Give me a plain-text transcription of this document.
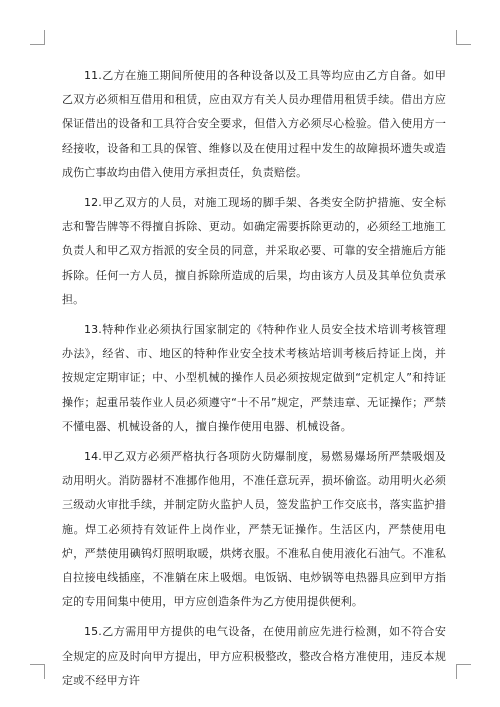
11.乙方在施工期间所使用的各种设备以及工具等均应由乙方自备。如甲乙双方必须相互借用和租赁，应由双方有关人员办理借用租赁手续。借出方应保证借出的设备和工具符合安全要求，但借入方必须尽心检验。借入使用方一经接收，设备和工具的保管、维修以及在使用过程中发生的故障损坏遗失或造成伤亡事故均由借入使用方承担责任，负责赔偿。

12.甲乙双方的人员，对施工现场的脚手架、各类安全防护措施、安全标志和警告牌等不得擅自拆除、更动。如确定需要拆除更动的，必须经工地施工负责人和甲乙双方指派的安全员的同意，并采取必要、可靠的安全措施后方能拆除。任何一方人员，擅自拆除所造成的后果，均由该方人员及其单位负责承担。

13.特种作业必须执行国家制定的《特种作业人员安全技术培训考核管理办法》，经省、市、地区的特种作业安全技术考核站培训考核后持证上岗，并按规定定期审证；中、小型机械的操作人员必须按规定做到“定机定人”和持证操作；起重吊装作业人员必须遵守“十不吊”规定，严禁违章、无证操作；严禁不懂电器、机械设备的人，擅自操作使用电器、机械设备。

14.甲乙双方必须严格执行各项防火防爆制度，易燃易爆场所严禁吸烟及动用明火。消防器材不准挪作他用，不准任意玩弄，损坏偷盗。动用明火必须三级动火审批手续，并制定防火监护人员，签发监护工作交底书，落实监护措施。焊工必须持有效证件上岗作业，严禁无证操作。生活区内，严禁使用电炉，严禁使用碘钨灯照明取暖，烘烤衣服。不准私自使用液化石油气。不准私自拉接电线插座，不准躺在床上吸烟。电饭锅、电炒锅等电热器具应到甲方指定的专用间集中使用，甲方应创造条件为乙方使用提供便利。

15.乙方需用甲方提供的电气设备，在使用前应先进行检测，如不符合安全规定的应及时向甲方提出，甲方应积极整改，整改合格方准使用，违反本规定或不经甲方许
